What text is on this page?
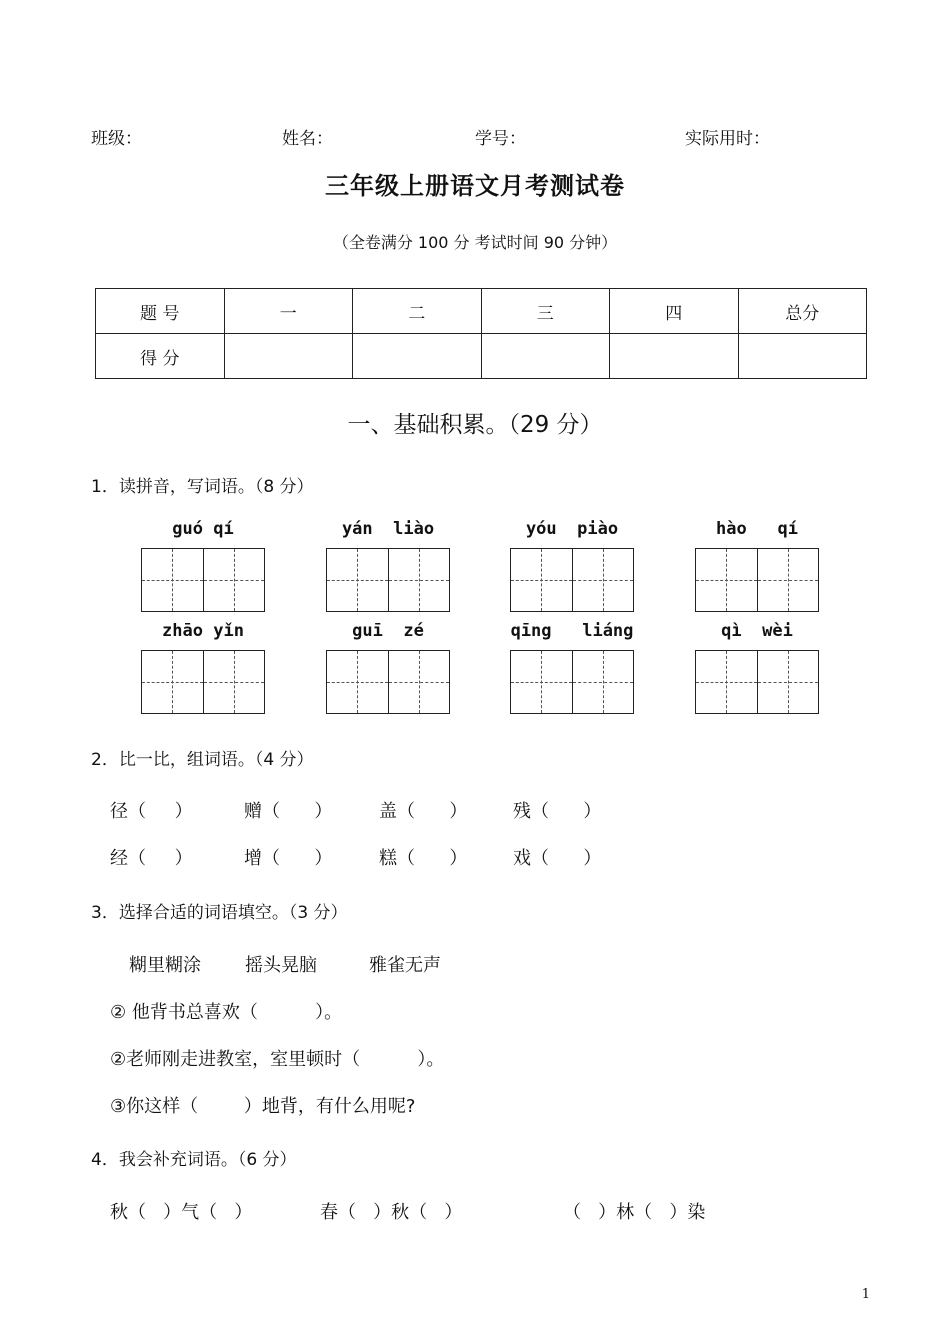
班级：	姓名：	学号：	实际用时：
三年级上册语文月考测试卷
（全卷满分 100 分 考试时间 90 分钟）
题 号	一	二	三	四	总分
得 分					
一、基础积累。（29 分）
1．读拼音，写词语。（8 分）
guó qí	yán  liào	yóu  piào	hào   qí
zhāo yǐn	guī  zé	qīng   liáng	qì  wèi
2．比一比，组词语。（4 分）
径（     ）	赠（      ）	盖（      ）	残（      ）
经（     ）	增（      ）	糕（      ）	戏（      ）
3．选择合适的词语填空。（3 分）
糊里糊涂 摇头晃脑	雅雀无声
② 他背书总喜欢（          ）。
②老师刚走进教室，室里顿时（          ）。
③你这样（        ）地背，有什么用呢?
4．我会补充词语。（6 分）
秋（   ）气（   ）	春（   ）秋（   ）	（   ）林（   ）染
1
